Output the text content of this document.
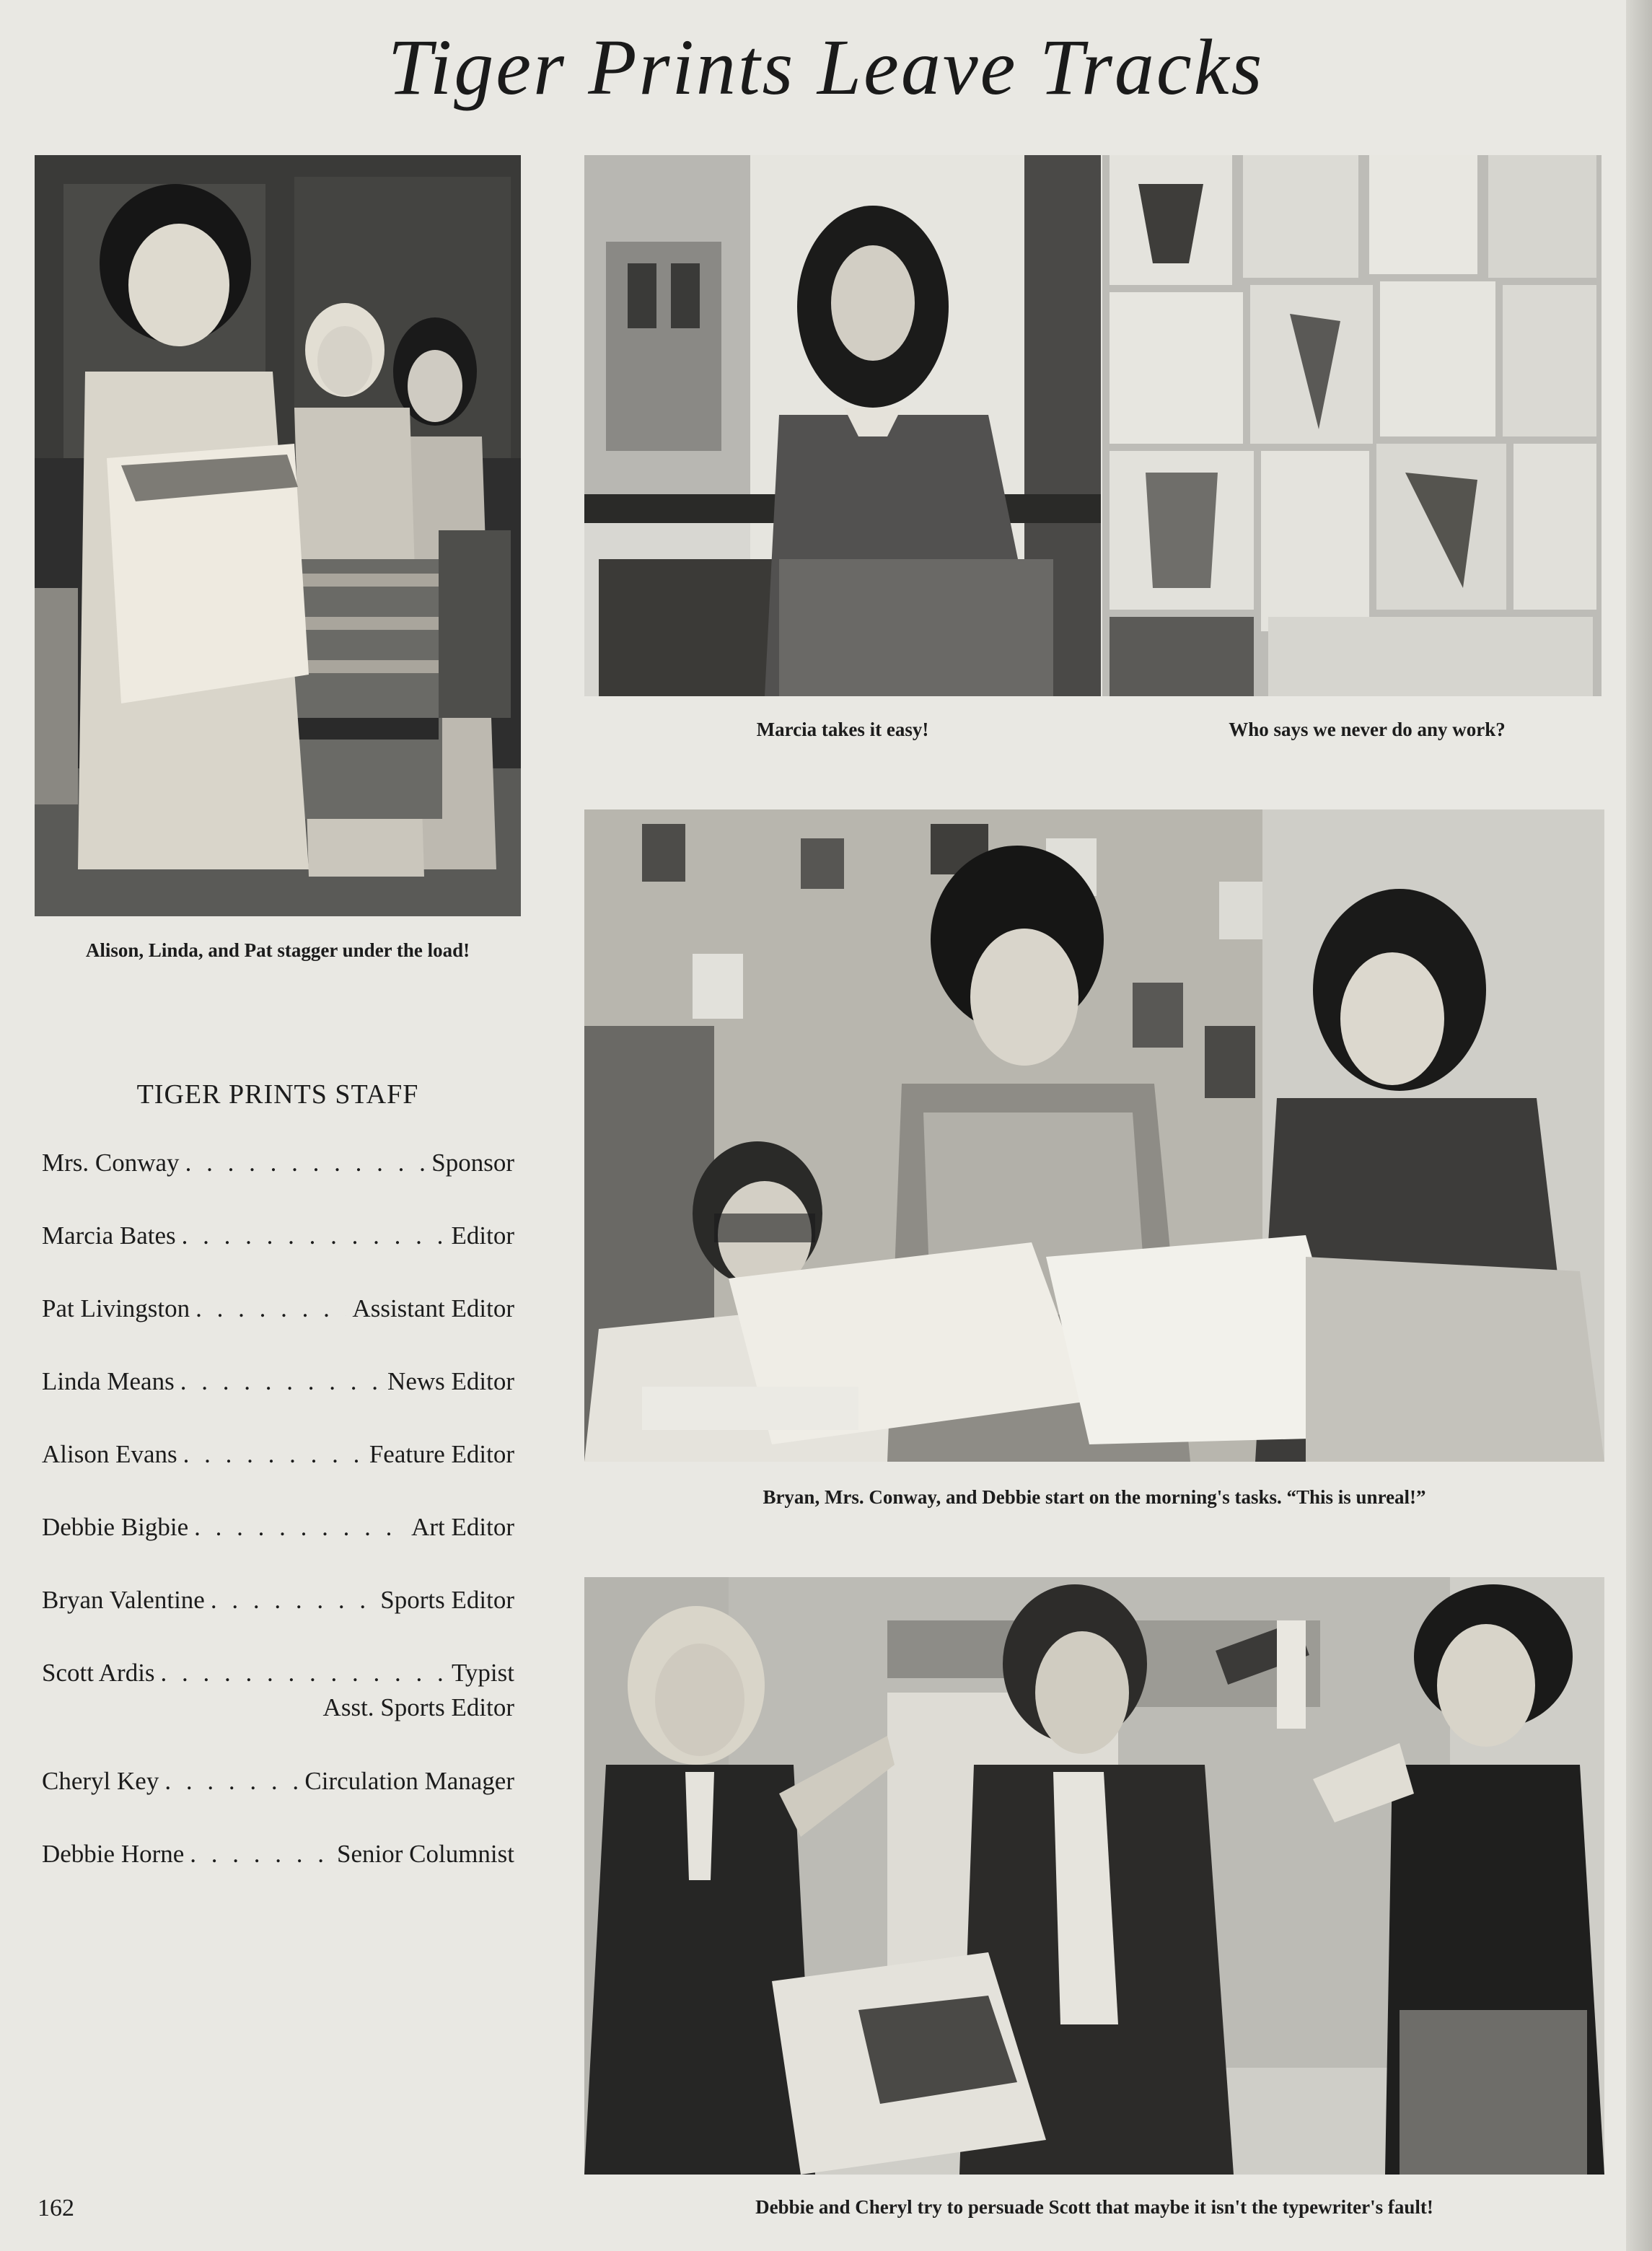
Tiger Prints Leave Tracks
Alison, Linda, and Pat stagger under the load!
Marcia takes it easy!	Who says we never do any work?
Bryan, Mrs. Conway, and Debbie start on the morning's tasks. “This is unreal!”
Debbie and Cheryl try to persuade Scott that maybe it isn't the typewriter's fault!
TIGER PRINTS STAFF
Mrs. Conway . . .	Sponsor
Marcia Bates . . .	Editor
Pat Livingston . . .	Assistant Editor
Linda Means . . .	News Editor
Alison Evans . . .	Feature Editor
Debbie Bigbie . . .	Art Editor
Bryan Valentine . . .	Sports Editor
Scott Ardis . . .	Typist
Asst. Sports Editor
Cheryl Key . . .	Circulation Manager
Debbie Horne . . .	Senior Columnist
162
